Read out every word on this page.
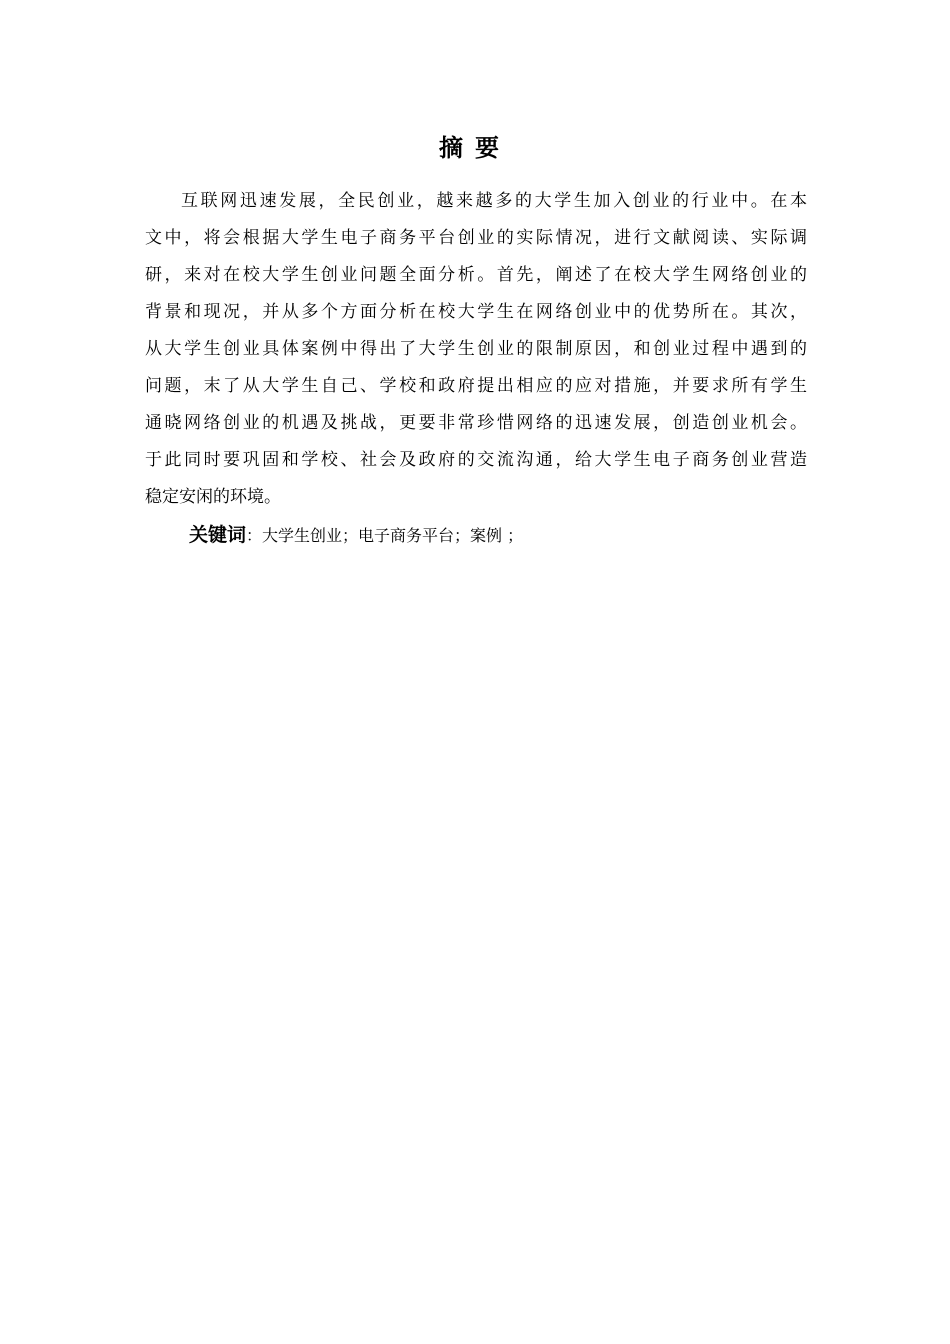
摘要
互联网迅速发展，全民创业，越来越多的大学生加入创业的行业中。在本
文中，将会根据大学生电子商务平台创业的实际情况，进行文献阅读、实际调
研，来对在校大学生创业问题全面分析。首先，阐述了在校大学生网络创业的
背景和现况，并从多个方面分析在校大学生在网络创业中的优势所在。其次，
从大学生创业具体案例中得出了大学生创业的限制原因，和创业过程中遇到的
问题，末了从大学生自己、学校和政府提出相应的应对措施，并要求所有学生
通晓网络创业的机遇及挑战，更要非常珍惜网络的迅速发展，创造创业机会。
于此同时要巩固和学校、社会及政府的交流沟通，给大学生电子商务创业营造
稳定安闲的环境。
关键词：大学生创业；电子商务平台；案例 ；
